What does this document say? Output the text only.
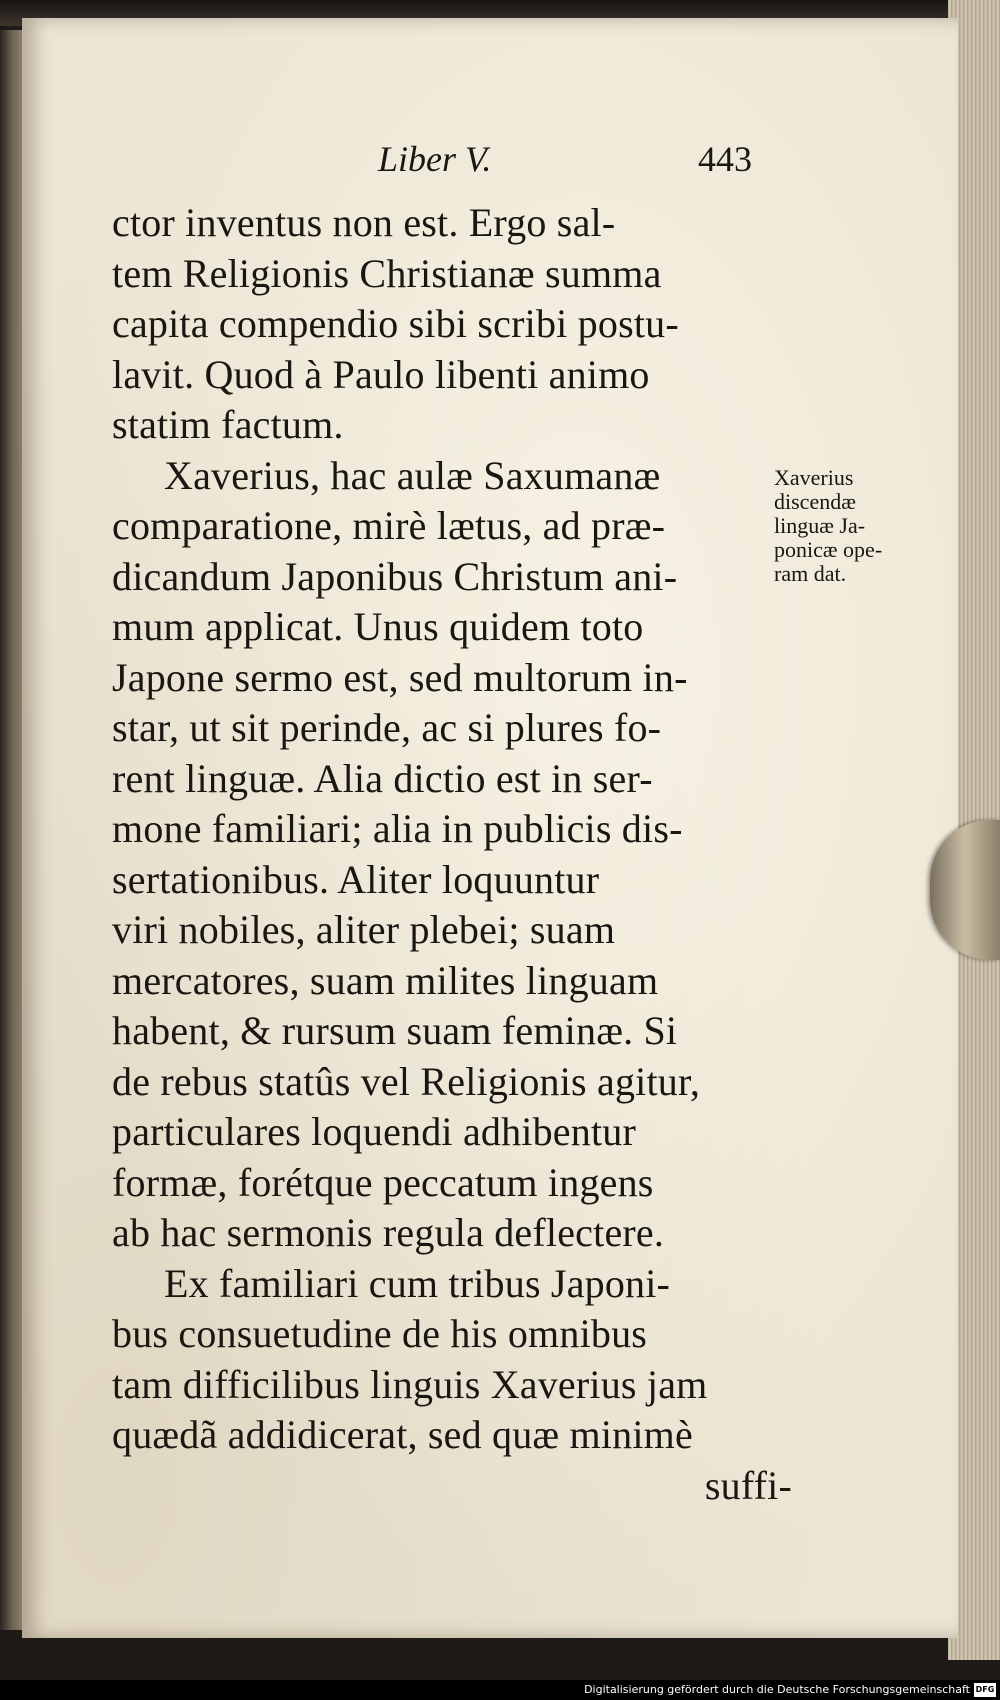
Liber V.	443
ctor inventus non est. Ergo sal-
tem Religionis Christianæ summa
capita compendio sibi scribi postu-
lavit. Quod à Paulo libenti animo
statim factum.
Xaverius, hac aulæ Saxumanæ
comparatione, mirè lætus, ad præ-
dicandum Japonibus Christum ani-
mum applicat. Unus quidem toto
Japone sermo est, sed multorum in-
star, ut sit perinde, ac si plures fo-
rent linguæ. Alia dictio est in ser-
mone familiari; alia in publicis dis-
sertationibus. Aliter loquuntur
viri nobiles, aliter plebei; suam
mercatores, suam milites linguam
habent, & rursum suam feminæ. Si
de rebus statûs vel Religionis agitur,
particulares loquendi adhibentur
formæ, forétque peccatum ingens
ab hac sermonis regula deflectere.
Ex familiari cum tribus Japoni-
bus consuetudine de his omnibus
tam difficilibus linguis Xaverius jam
quædã addidicerat, sed quæ minimè
suffi-
Xaverius
discendæ
linguæ Ja-
ponicæ ope-
ram dat.
Digitalisierung gefördert durch die Deutsche Forschungsgemeinschaft DFG
